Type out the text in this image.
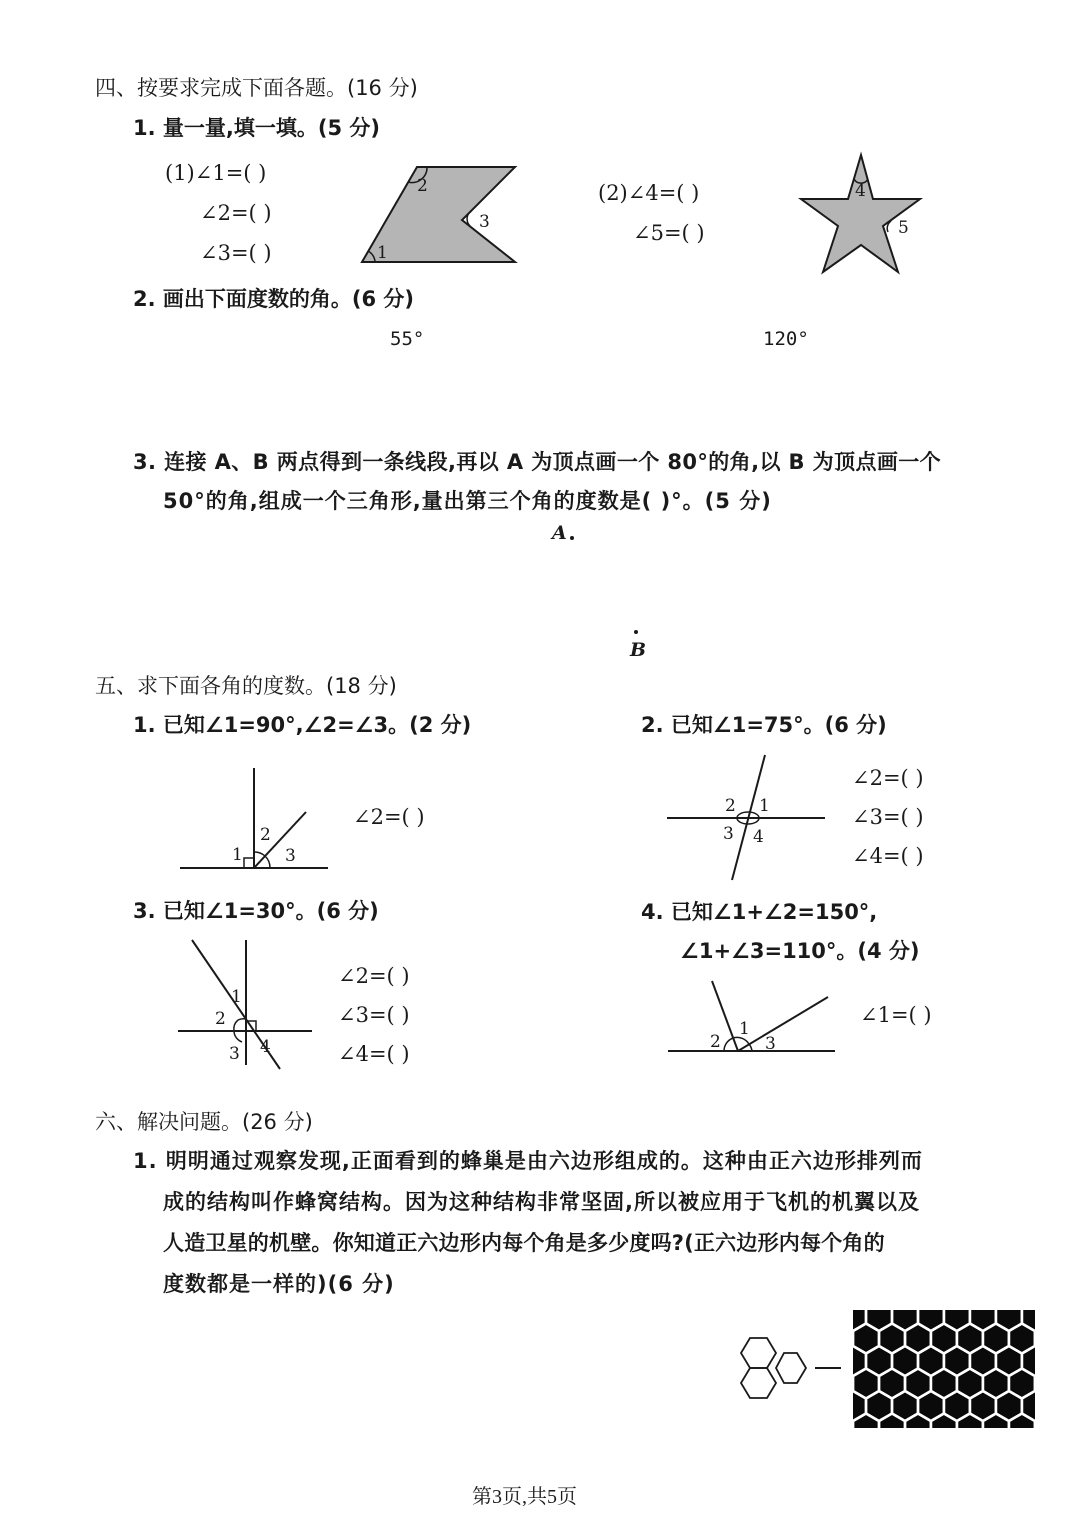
四、按要求完成下面各题。(16 分)
1. 量一量,填一填。(5 分)
(1)∠1=( )
∠2=( )
∠3=( )	1
2
3
(2)∠4=( )
∠5=( )
4
5
2. 画出下面度数的角。(6 分)
55°	120°
3. 连接 A、B 两点得到一条线段,再以 A 为顶点画一个 80°的角,以 B 为顶点画一个
50°的角,组成一个三角形,量出第三个角的度数是( )°。(5 分)
A
B
五、求下面各角的度数。(18 分)
1. 已知∠1=90°,∠2=∠3。(2 分)
1
2
3
∠2=( )
2. 已知∠1=75°。(6 分)
2 1
3 4
∠2=( )
∠3=( )
∠4=( )
3. 已知∠1=30°。(6 分)
1
2
3 4
∠2=( )
∠3=( )
∠4=( )
4. 已知∠1+∠2=150°,
∠1+∠3=110°。(4 分)
2
1
3
∠1=( )
六、解决问题。(26 分)
1. 明明通过观察发现,正面看到的蜂巢是由六边形组成的。这种由正六边形排列而
成的结构叫作蜂窝结构。因为这种结构非常坚固,所以被应用于飞机的机翼以及
人造卫星的机壁。你知道正六边形内每个角是多少度吗?(正六边形内每个角的
度数都是一样的)(6 分)
第3页,共5页
